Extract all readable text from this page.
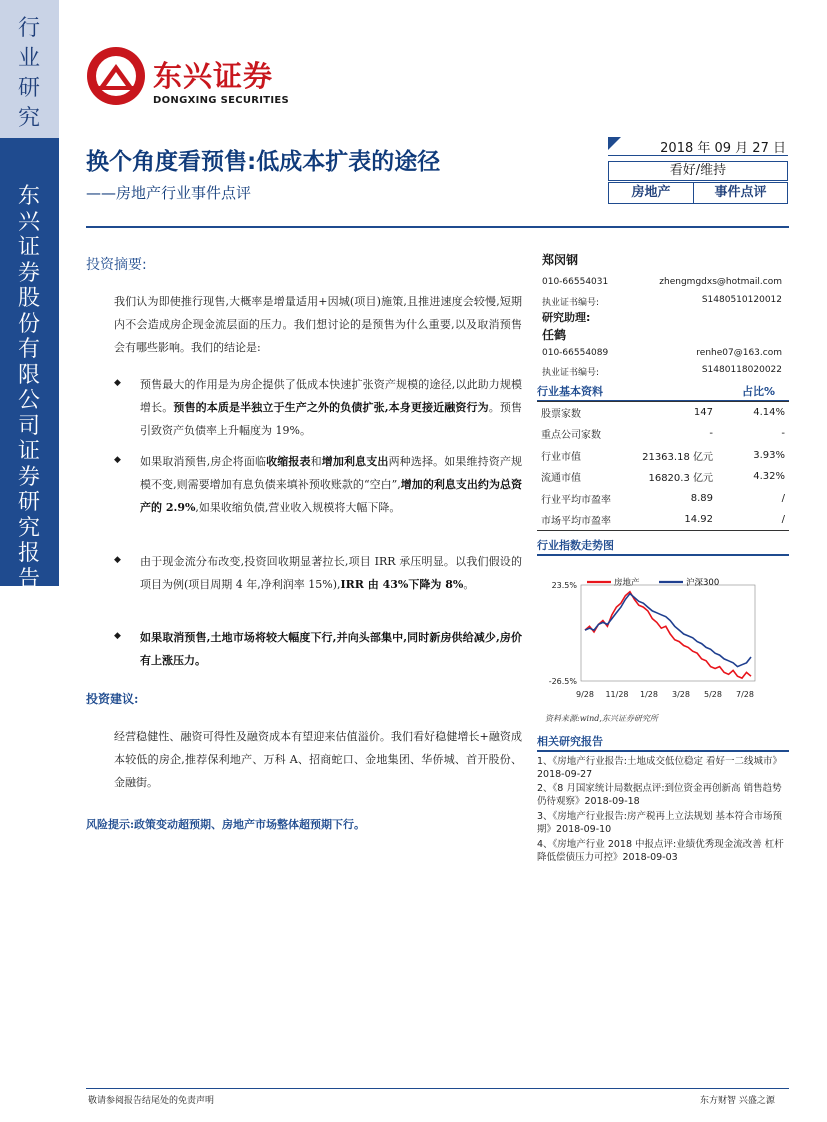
行业研究
东兴证券股份有限公司证券研究报告
东兴证券
DONGXING SECURITIES
换个角度看预售:低成本扩表的途径
——房地产行业事件点评
2018 年 09 月 27 日
看好/维持
房地产	事件点评
投资摘要:
我们认为即使推行现售,大概率是增量适用+因城(项目)施策,且推进速度会较慢,短期内不会造成房企现金流层面的压力。我们想讨论的是预售为什么重要,以及取消预售会有哪些影响。我们的结论是:
◆ 预售最大的作用是为房企提供了低成本快速扩张资产规模的途径,以此助力规模增长。预售的本质是半独立于生产之外的负债扩张,本身更接近融资行为。预售引致资产负债率上升幅度为 19%。
◆ 如果取消预售,房企将面临收缩报表和增加利息支出两种选择。如果维持资产规模不变,则需要增加有息负债来填补预收账款的“空白”,增加的利息支出约为总资产的 2.9%,如果收缩负债,营业收入规模将大幅下降。
◆ 由于现金流分布改变,投资回收期显著拉长,项目 IRR 承压明显。以我们假设的项目为例(项目周期 4 年,净利润率 15%),IRR 由 43%下降为 8%。
◆ 如果取消预售,土地市场将较大幅度下行,并向头部集中,同时新房供给减少,房价有上涨压力。
投资建议:
经营稳健性、融资可得性及融资成本有望迎来估值溢价。我们看好稳健增长+融资成本较低的房企,推荐保利地产、万科 A、招商蛇口、金地集团、华侨城、首开股份、金融街。
风险提示:政策变动超预期、房地产市场整体超预期下行。
郑闵钢
010-66554031	zhengmgdxs@hotmail.com
执业证书编号:	S1480510120012
研究助理:
任鹤
010-66554089	renhe07@163.com
执业证书编号:	S1480118020022
行业基本资料	占比%
股票家数	147	4.14%
重点公司家数	-	-
行业市值	21363.18 亿元	3.93%
流通市值	16820.3 亿元	4.32%
行业平均市盈率	8.89	/
市场平均市盈率	14.92	/
行业指数走势图
23.5%
-26.5%
9/28 11/28 1/28 3/28 5/28 7/28
房地产	沪深300
资料来源:wind,东兴证券研究所
相关研究报告
1、《房地产行业报告:土地成交低位稳定 看好一二线城市》2018-09-27
2、《8 月国家统计局数据点评:到位资金再创新高 销售趋势仍待观察》2018-09-18
3、《房地产行业报告:房产税再上立法规划 基本符合市场预期》2018-09-10
4、《房地产行业 2018 中报点评:业绩优秀现金流改善 杠杆降低偿债压力可控》2018-09-03
敬请参阅报告结尾处的免责声明	东方财智 兴盛之源
